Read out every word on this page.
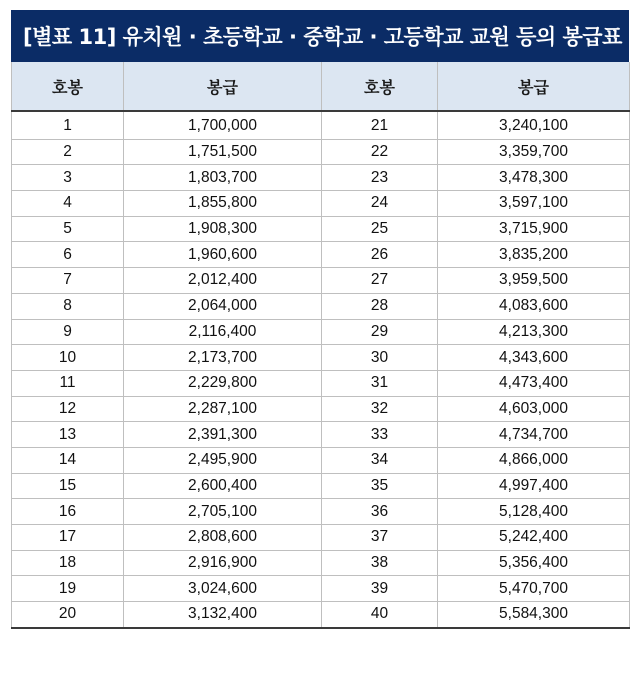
[별표 11] 유치원 · 초등학교 · 중학교 · 고등학교 교원 등의 봉급표
호봉	봉급	호봉	봉급
1	1,700,000	21	3,240,100
2	1,751,500	22	3,359,700
3	1,803,700	23	3,478,300
4	1,855,800	24	3,597,100
5	1,908,300	25	3,715,900
6	1,960,600	26	3,835,200
7	2,012,400	27	3,959,500
8	2,064,000	28	4,083,600
9	2,116,400	29	4,213,300
10	2,173,700	30	4,343,600
11	2,229,800	31	4,473,400
12	2,287,100	32	4,603,000
13	2,391,300	33	4,734,700
14	2,495,900	34	4,866,000
15	2,600,400	35	4,997,400
16	2,705,100	36	5,128,400
17	2,808,600	37	5,242,400
18	2,916,900	38	5,356,400
19	3,024,600	39	5,470,700
20	3,132,400	40	5,584,300
